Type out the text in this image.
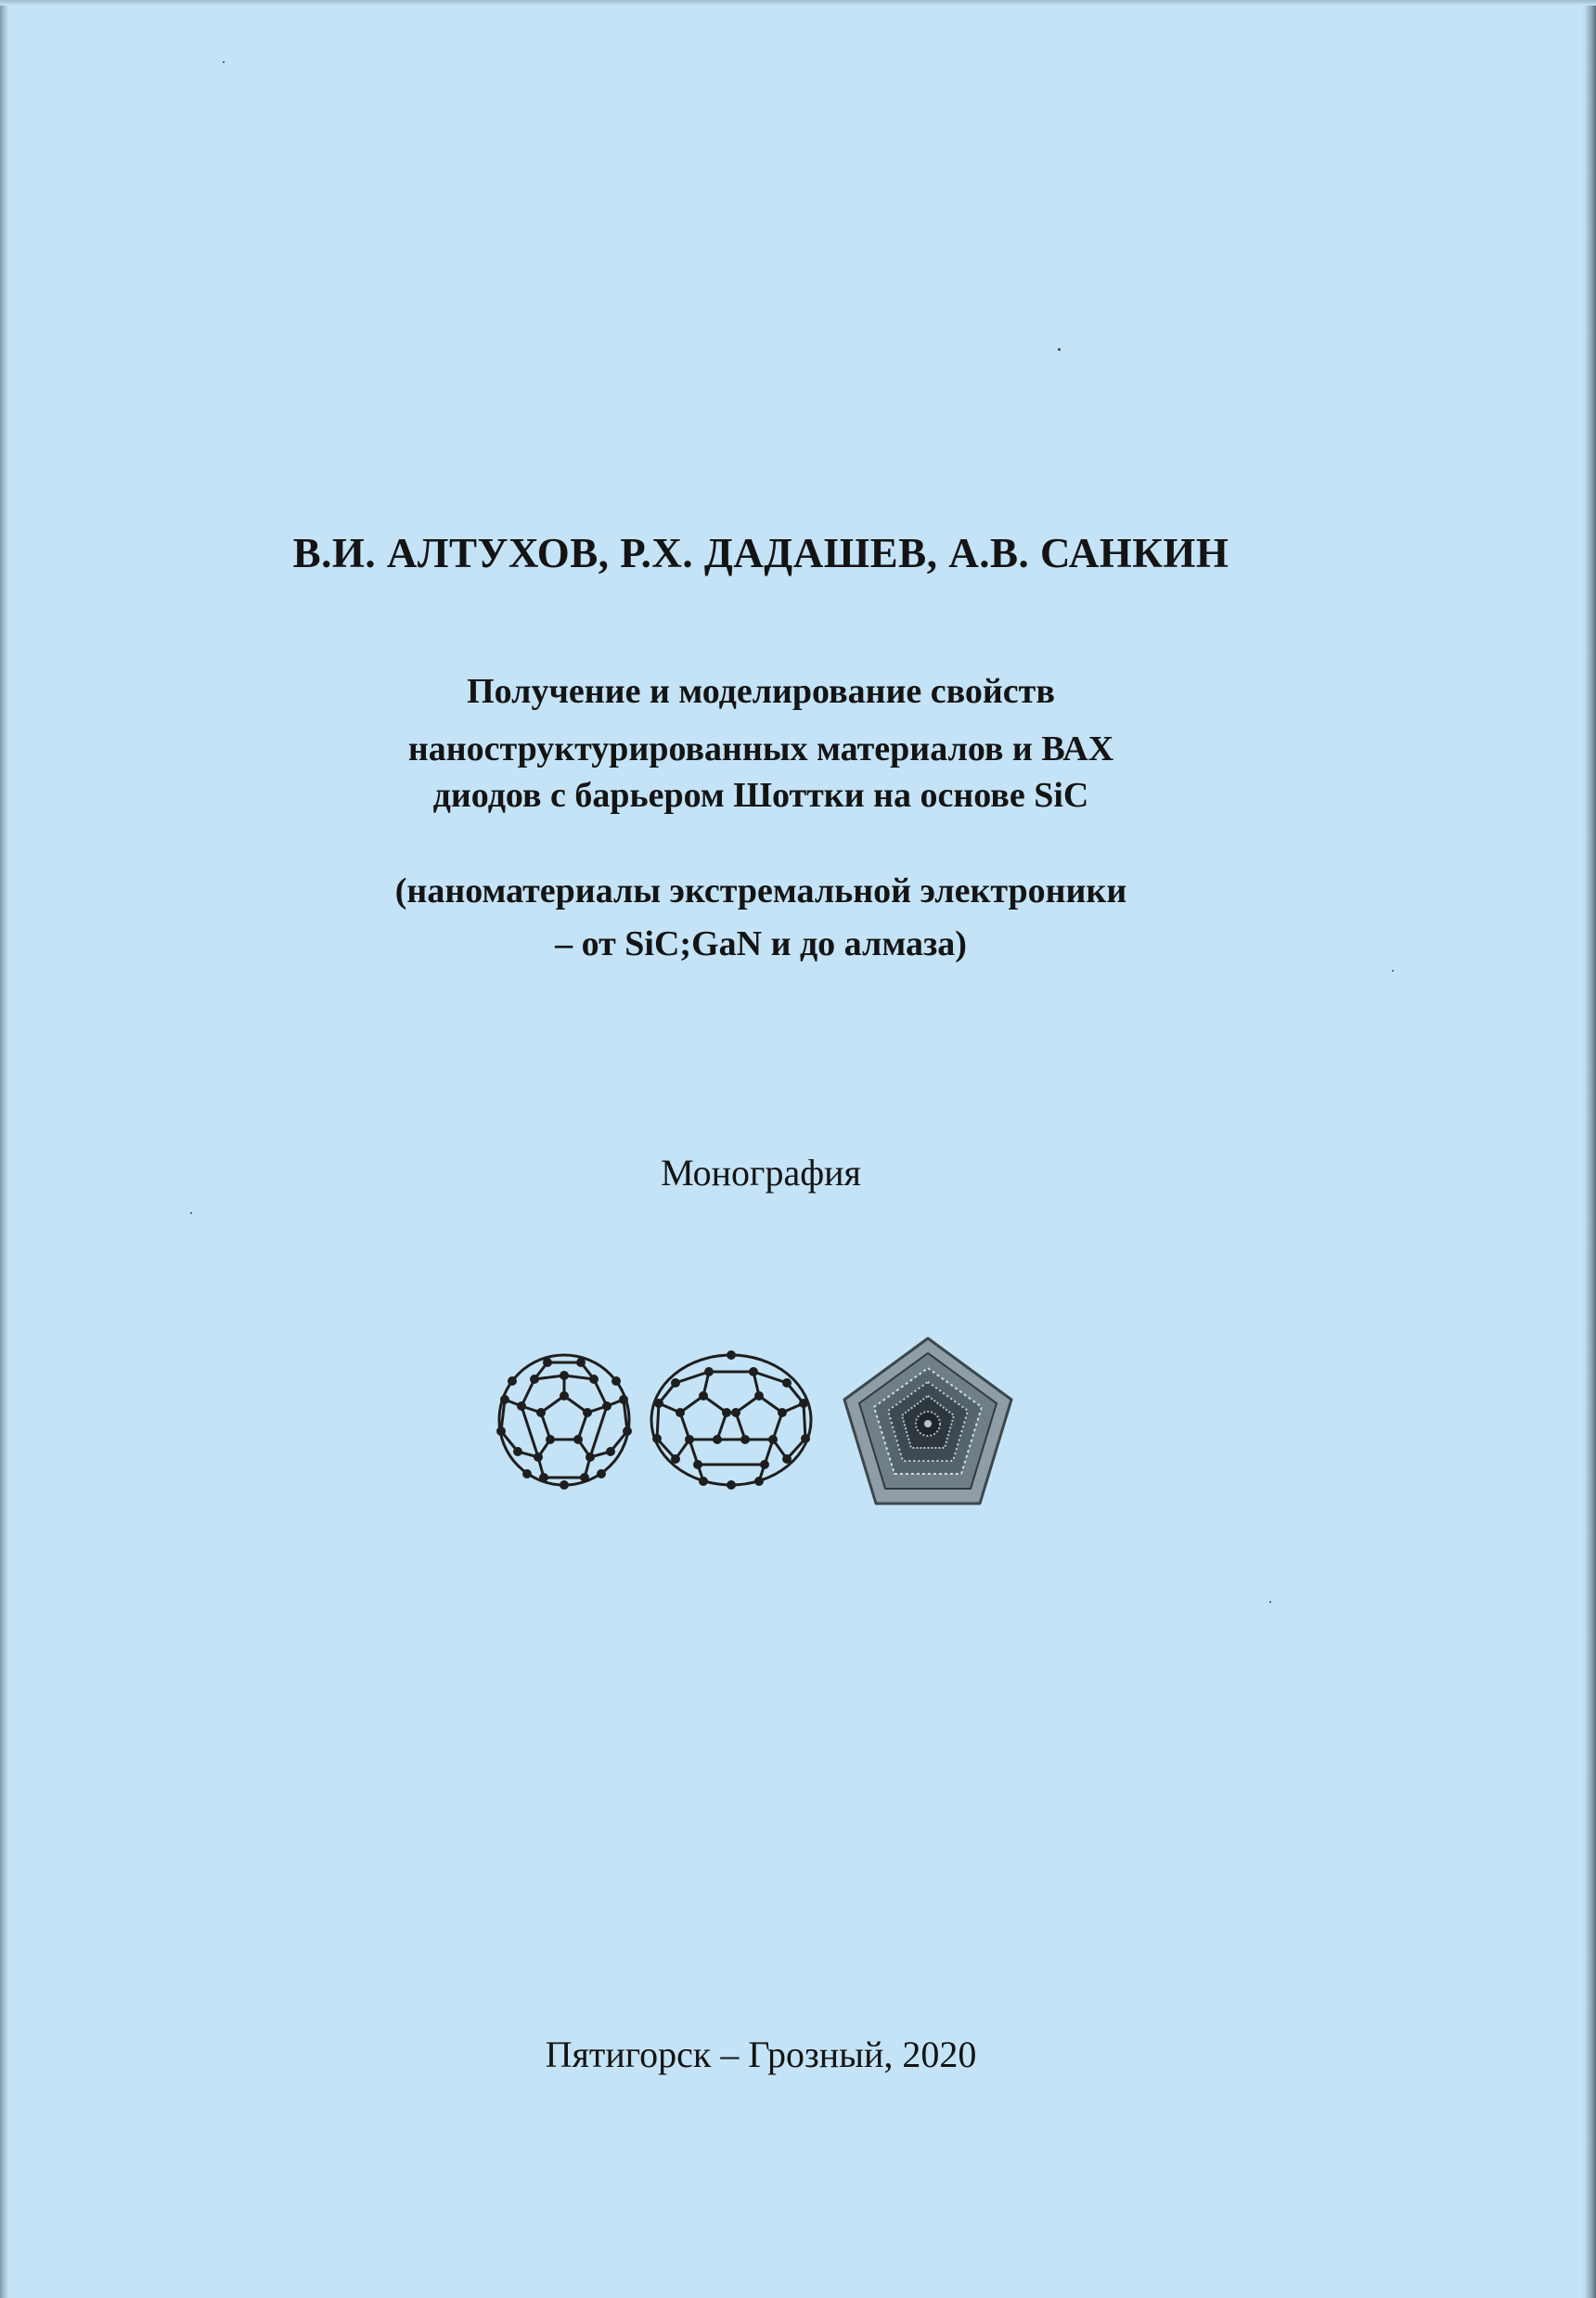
В.И. АЛТУХОВ, Р.Х. ДАДАШЕВ, А.В. САНКИН
Получение и моделирование свойств
наноструктурированных материалов и ВАХ
диодов с барьером Шоттки на основе SiC
(наноматериалы экстремальной электроники
– от SiC;GaN и до алмаза)
Монография
Пятигорск – Грозный, 2020
